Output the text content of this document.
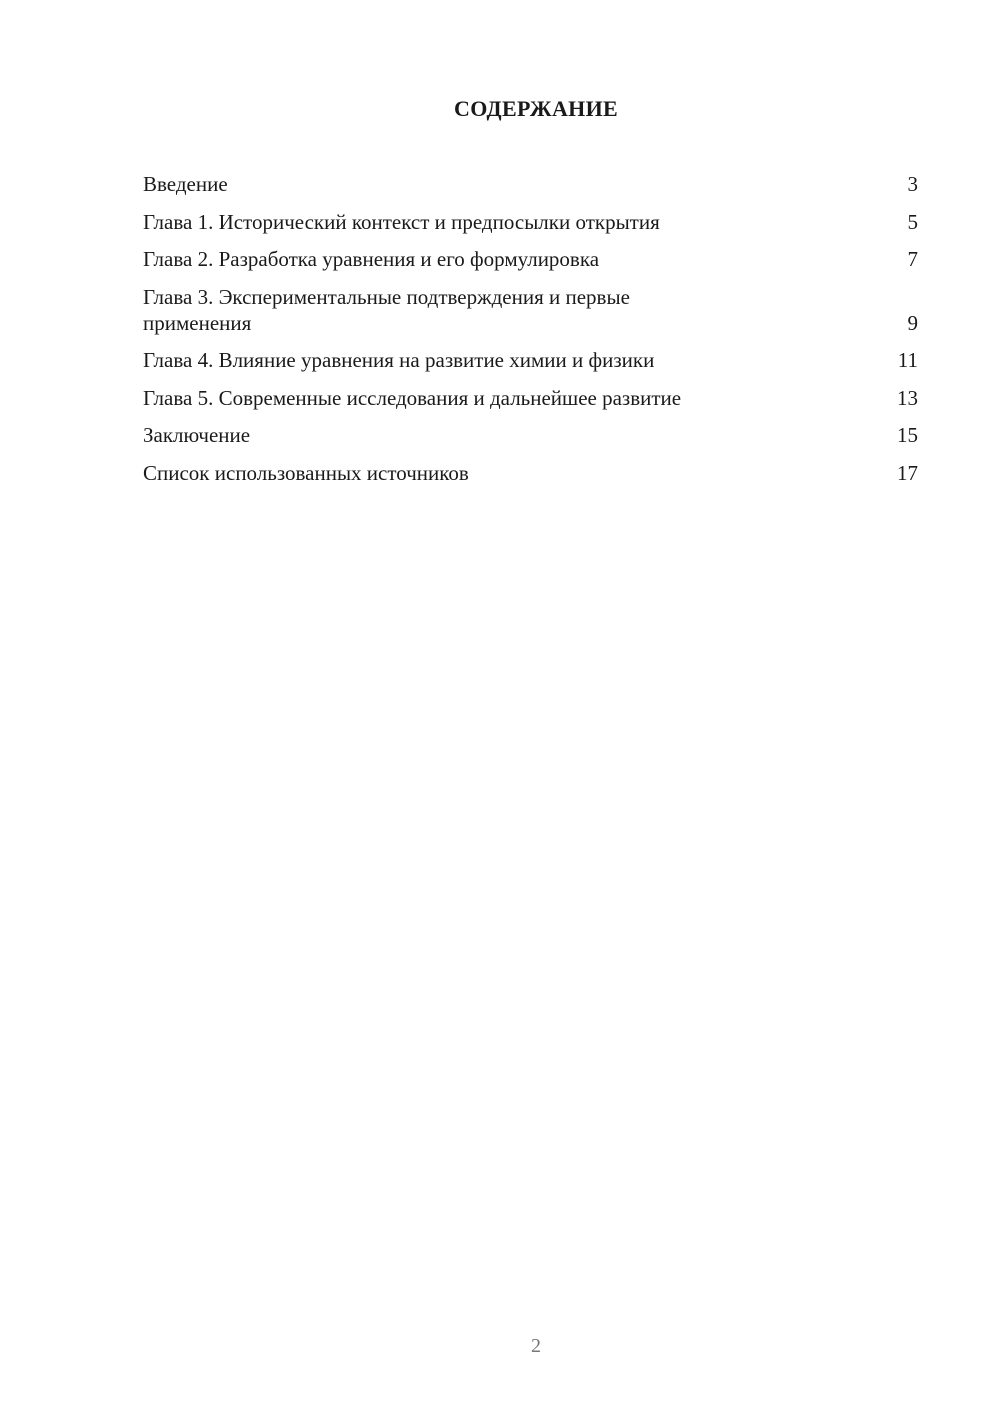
СОДЕРЖАНИЕ
Введение	3
Глава 1. Исторический контекст и предпосылки открытия	5
Глава 2. Разработка уравнения и его формулировка	7
Глава 3. Экспериментальные подтверждения и первые применения	9
Глава 4. Влияние уравнения на развитие химии и физики	11
Глава 5. Современные исследования и дальнейшее развитие	13
Заключение	15
Список использованных источников	17
2
